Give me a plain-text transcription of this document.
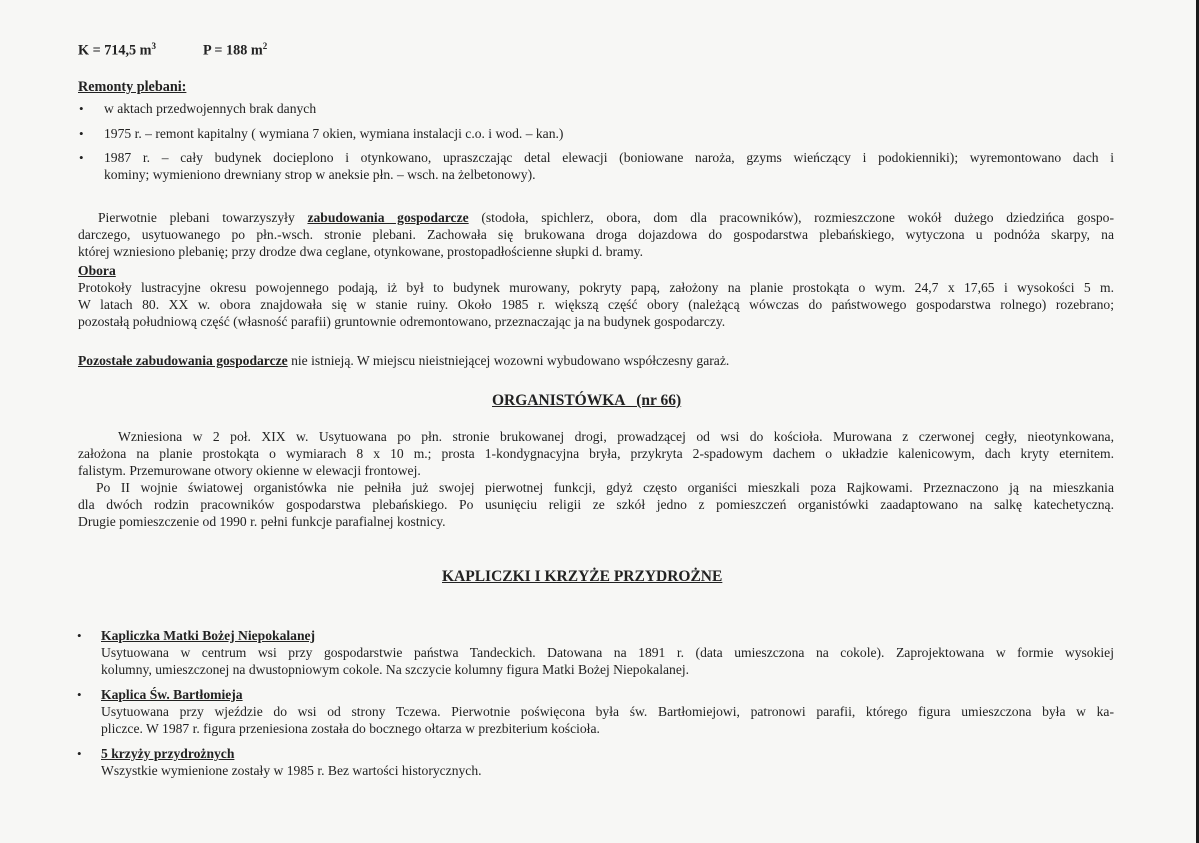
K = 714,5 $m^3$	P = 188 $m^2$
Remonty plebani:
• w aktach przedwojennych brak danych
• 1975 r. – remont kapitalny ( wymiana 7 okien, wymiana instalacji c.o. i wod. – kan.)
• 1987 r. – cały budynek docieplono i otynkowano, upraszczając detal elewacji (boniowane naroża, gzyms wieńczący i podokienniki); wyremontowano dach i
kominy; wymieniono drewniany strop w aneksie płn. – wsch. na żelbetonowy).
Pierwotnie plebani towarzyszyły zabudowania gospodarcze (stodoła, spichlerz, obora, dom dla pracowników), rozmieszczone wokół dużego dziedzińca gospo-
darczego, usytuowanego po płn.-wsch. stronie plebani. Zachowała się brukowana droga dojazdowa do gospodarstwa plebańskiego, wytyczona u podnóża skarpy, na
której wzniesiono plebanię; przy drodze dwa ceglane, otynkowane, prostopadłościenne słupki d. bramy.
Obora
Protokoły lustracyjne okresu powojennego podają, iż był to budynek murowany, pokryty papą, założony na planie prostokąta o wym. 24,7 x 17,65 i wysokości 5 m.
W latach 80. XX w. obora znajdowała się w stanie ruiny. Około 1985 r. większą część obory (należącą wówczas do państwowego gospodarstwa rolnego) rozebrano;
pozostałą południową część (własność parafii) gruntownie odremontowano, przeznaczając ja na budynek gospodarczy.
Pozostałe zabudowania gospodarcze nie istnieją. W miejscu nieistniejącej wozowni wybudowano współczesny garaż.
ORGANISTÓWKA   (nr 66)
Wzniesiona w 2 poł. XIX w. Usytuowana po płn. stronie brukowanej drogi, prowadzącej od wsi do kościoła. Murowana z czerwonej cegły, nieotynkowana,
założona na planie prostokąta o wymiarach 8 x 10 m.; prosta 1-kondygnacyjna bryła, przykryta 2-spadowym dachem o układzie kalenicowym, dach kryty eternitem.
falistym. Przemurowane otwory okienne w elewacji frontowej.
Po II wojnie światowej organistówka nie pełniła już swojej pierwotnej funkcji, gdyż często organiści mieszkali poza Rajkowami. Przeznaczono ją na mieszkania
dla dwóch rodzin pracowników gospodarstwa plebańskiego. Po usunięciu religii ze szkół jedno z pomieszczeń organistówki zaadaptowano na salkę katechetyczną.
Drugie pomieszczenie od 1990 r. pełni funkcje parafialnej kostnicy.
KAPLICZKI I KRZYŻE PRZYDROŻNE
• Kapliczka Matki Bożej Niepokalanej
Usytuowana w centrum wsi przy gospodarstwie państwa Tandeckich. Datowana na 1891 r. (data umieszczona na cokole). Zaprojektowana w formie wysokiej
kolumny, umieszczonej na dwustopniowym cokole. Na szczycie kolumny figura Matki Bożej Niepokalanej.
• Kaplica Św. Bartłomieja
Usytuowana przy wjeździe do wsi od strony Tczewa. Pierwotnie poświęcona była św. Bartłomiejowi, patronowi parafii, którego figura umieszczona była w ka-
pliczce. W 1987 r. figura przeniesiona została do bocznego ołtarza w prezbiterium kościoła.
• 5 krzyży przydrożnych
Wszystkie wymienione zostały w 1985 r. Bez wartości historycznych.
